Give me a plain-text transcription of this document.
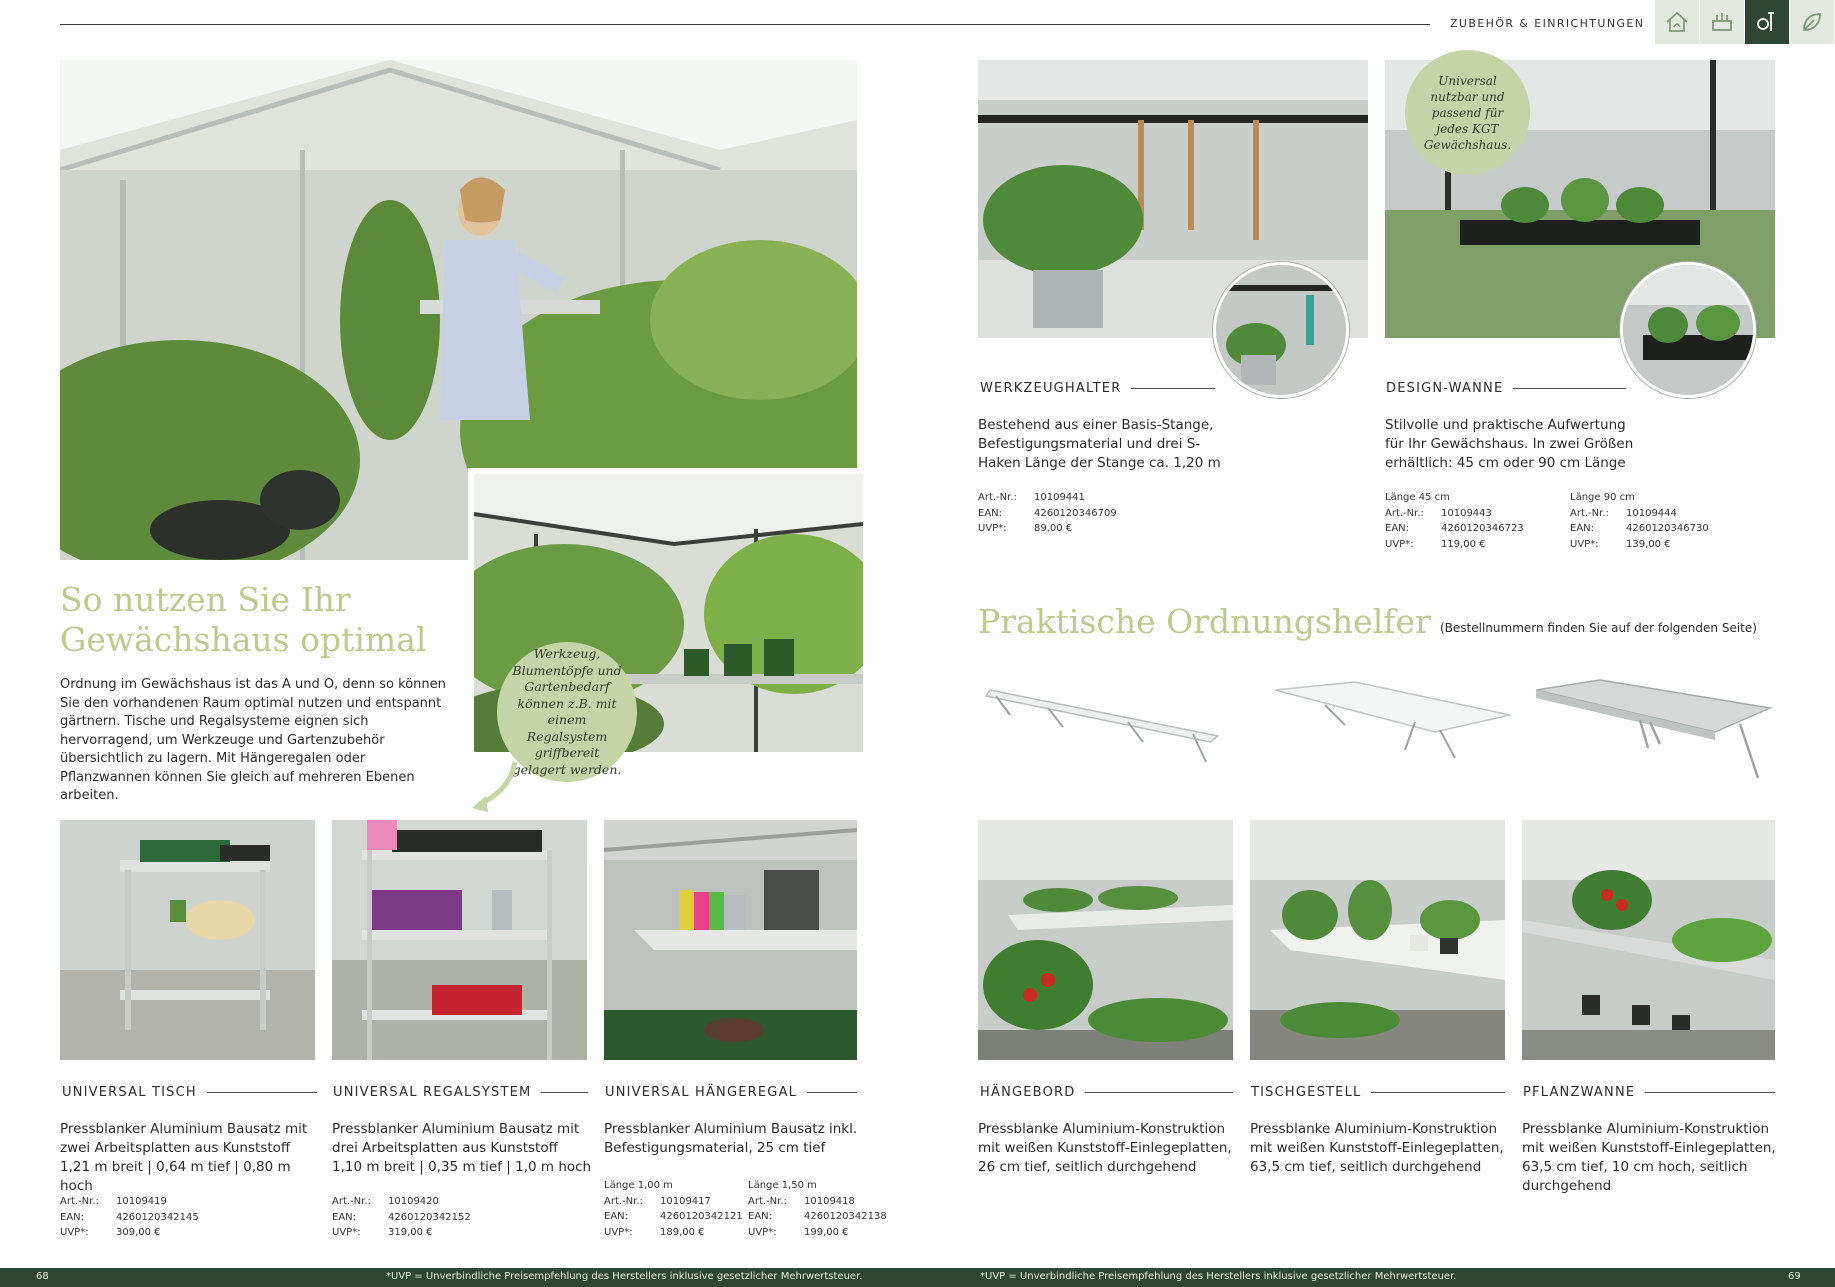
ZUBEHÖR & EINRICHTUNGEN
So nutzen Sie Ihr
Gewächshaus optimal
Ordnung im Gewächshaus ist das A und O, denn so können Sie den vorhandenen Raum optimal nutzen und entspannt gärtnern. Tische und Regalsysteme eignen sich hervorragend, um Werkzeuge und Gartenzubehör übersichtlich zu lagern. Mit Hängeregalen oder Pflanzwannen können Sie gleich auf mehreren Ebenen arbeiten.
Werkzeug, Blumentöpfe und Gartenbedarf können z.B. mit einem Regalsystem griffbereit gelagert werden.
UNIVERSAL TISCH
Pressblanker Aluminium Bausatz mit zwei Arbeitsplatten aus Kunststoff 1,21 m breit | 0,64 m tief | 0,80 m hoch
Art.-Nr.:	10109419
EAN:	4260120342145
UVP*:	309,00 €
UNIVERSAL REGALSYSTEM
Pressblanker Aluminium Bausatz mit drei Arbeitsplatten aus Kunststoff 1,10 m breit | 0,35 m tief | 1,0 m hoch
Art.-Nr.:	10109420
EAN:	4260120342152
UVP*:	319,00 €
UNIVERSAL HÄNGEREGAL
Pressblanker Aluminium Bausatz inkl. Befestigungsmaterial, 25 cm tief
Länge 1,00 m
Art.-Nr.:	10109417
EAN:	4260120342121
UVP*:	189,00 €
Länge 1,50 m
Art.-Nr.:	10109418
EAN:	4260120342138
UVP*:	199,00 €
Universal nutzbar und passend für jedes KGT Gewächshaus.
WERKZEUGHALTER
Bestehend aus einer Basis-Stange, Befestigungsmaterial und drei S-Haken Länge der Stange ca. 1,20 m
Art.-Nr.:	10109441
EAN:	4260120346709
UVP*:	89,00 €
DESIGN-WANNE
Stilvolle und praktische Aufwertung für Ihr Gewächshaus. In zwei Größen erhältlich: 45 cm oder 90 cm Länge
Länge 45 cm
Art.-Nr.:	10109443
EAN:	4260120346723
UVP*:	119,00 €
Länge 90 cm
Art.-Nr.:	10109444
EAN:	4260120346730
UVP*:	139,00 €
Praktische Ordnungshelfer (Bestellnummern finden Sie auf der folgenden Seite)
HÄNGEBORD
Pressblanke Aluminium-Konstruktion mit weißen Kunststoff-Einlegeplatten, 26 cm tief, seitlich durchgehend
TISCHGESTELL
Pressblanke Aluminium-Konstruktion mit weißen Kunststoff-Einlegeplatten, 63,5 cm tief, seitlich durchgehend
PFLANZWANNE
Pressblanke Aluminium-Konstruktion mit weißen Kunststoff-Einlegeplatten, 63,5 cm tief, 10 cm hoch, seitlich durchgehend
68	*UVP = Unverbindliche Preisempfehlung des Herstellers inklusive gesetzlicher Mehrwertsteuer.	*UVP = Unverbindliche Preisempfehlung des Herstellers inklusive gesetzlicher Mehrwertsteuer.	69
